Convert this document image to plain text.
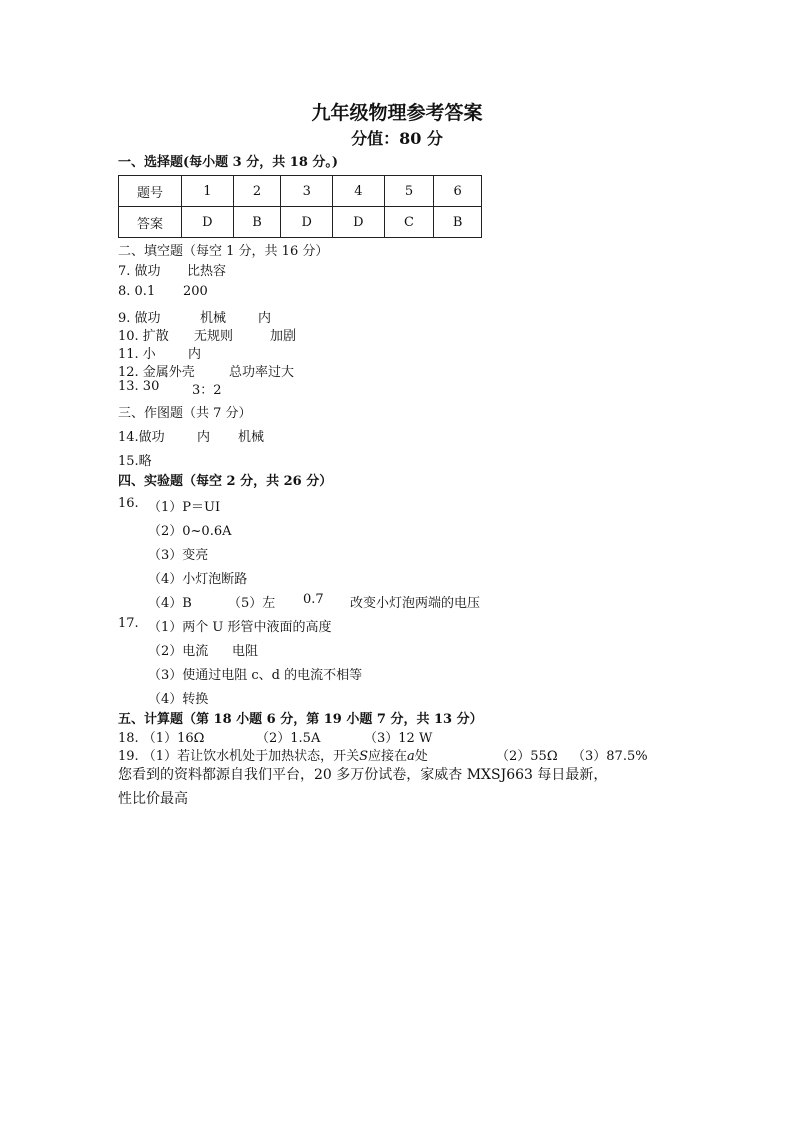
九年级物理参考答案
分值：80 分
一、选择题(每小题 3 分，共 18 分。)
题号	1	2	3	4	5	6
答案	D	B	D	D	C	B
二、填空题（每空 1 分，共 16 分）
7. 做功 比热容
8. 0.1 200
9. 做功	机械 内
10. 扩散 无规则	加剧
11. 小 内
12. 金属外壳	总功率过大
13. 30	3：2
三、作图题（共 7 分）
14.做功 内 机械
15.略
四、实验题（每空 2 分，共 26 分）
16. （1）P＝UI
（2）0~0.6A
（3）变亮
（4）小灯泡断路
（4）B	（5）左 0.7 改变小灯泡两端的电压
17. （1）两个 U 形管中液面的高度
（2）电流 电阻
（3）使通过电阻 c、d 的电流不相等
（4）转换
五、计算题（第 18 小题 6 分，第 19 小题 7 分，共 13 分）
18. （1）16Ω	（2）1.5A	（3）12 W
19. （1）若让饮水机处于加热状态，开关S应接在a处	（2）55Ω （3）87.5%
您看到的资料都源自我们平台，20 多万份试卷，家威杏 MXSJ663 每日最新，
性比价最高
